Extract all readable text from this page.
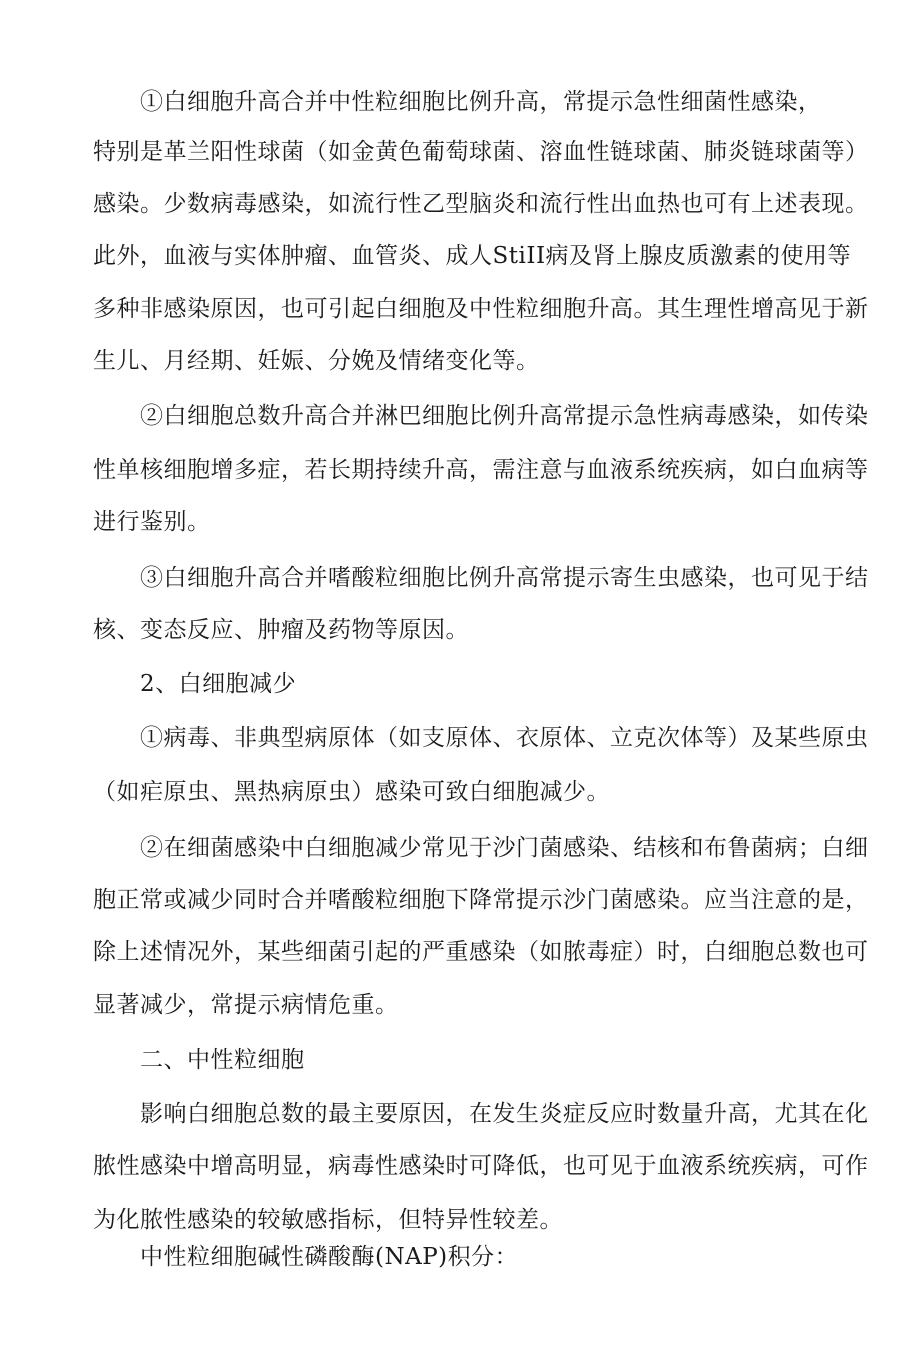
①白细胞升高合并中性粒细胞比例升高，常提示急性细菌性感染，
特别是革兰阳性球菌（如金黄色葡萄球菌、溶血性链球菌、肺炎链球菌等）
感染。少数病毒感染，如流行性乙型脑炎和流行性出血热也可有上述表现。
此外，血液与实体肿瘤、血管炎、成人StiII病及肾上腺皮质激素的使用等
多种非感染原因，也可引起白细胞及中性粒细胞升高。其生理性增高见于新
生儿、月经期、妊娠、分娩及情绪变化等。
②白细胞总数升高合并淋巴细胞比例升高常提示急性病毒感染，如传染
性单核细胞增多症，若长期持续升高，需注意与血液系统疾病，如白血病等
进行鉴别。
③白细胞升高合并嗜酸粒细胞比例升高常提示寄生虫感染，也可见于结
核、变态反应、肿瘤及药物等原因。
2、白细胞减少
①病毒、非典型病原体（如支原体、衣原体、立克次体等）及某些原虫
（如疟原虫、黑热病原虫）感染可致白细胞减少。
②在细菌感染中白细胞减少常见于沙门菌感染、结核和布鲁菌病；白细
胞正常或减少同时合并嗜酸粒细胞下降常提示沙门菌感染。应当注意的是，
除上述情况外，某些细菌引起的严重感染（如脓毒症）时，白细胞总数也可
显著减少，常提示病情危重。
二、中性粒细胞
影响白细胞总数的最主要原因，在发生炎症反应时数量升高，尤其在化
脓性感染中增高明显，病毒性感染时可降低，也可见于血液系统疾病，可作
为化脓性感染的较敏感指标，但特异性较差。
中性粒细胞碱性磷酸酶(NAP)积分：
